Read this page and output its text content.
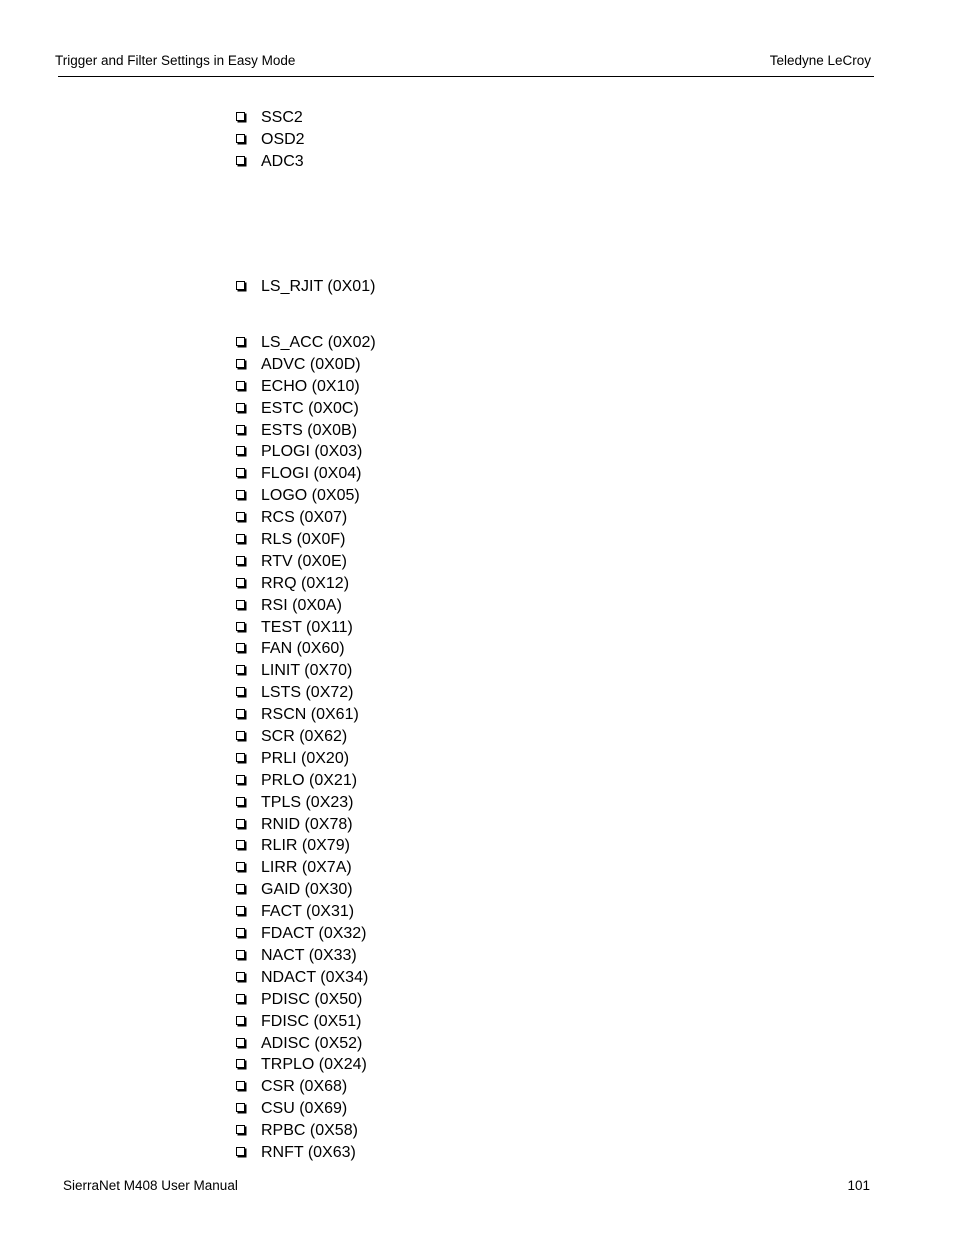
Trigger and Filter Settings in Easy Mode	Teledyne LeCroy
SSC2
OSD2
ADC3
LS_RJIT (0X01)
LS_ACC (0X02)
ADVC (0X0D)
ECHO (0X10)
ESTC (0X0C)
ESTS (0X0B)
PLOGI (0X03)
FLOGI (0X04)
LOGO (0X05)
RCS (0X07)
RLS (0X0F)
RTV (0X0E)
RRQ (0X12)
RSI (0X0A)
TEST (0X11)
FAN (0X60)
LINIT (0X70)
LSTS (0X72)
RSCN (0X61)
SCR (0X62)
PRLI (0X20)
PRLO (0X21)
TPLS (0X23)
RNID (0X78)
RLIR (0X79)
LIRR (0X7A)
GAID (0X30)
FACT (0X31)
FDACT (0X32)
NACT (0X33)
NDACT (0X34)
PDISC (0X50)
FDISC (0X51)
ADISC (0X52)
TRPLO (0X24)
CSR (0X68)
CSU (0X69)
RPBC (0X58)
RNFT (0X63)
SierraNet M408 User Manual	101
